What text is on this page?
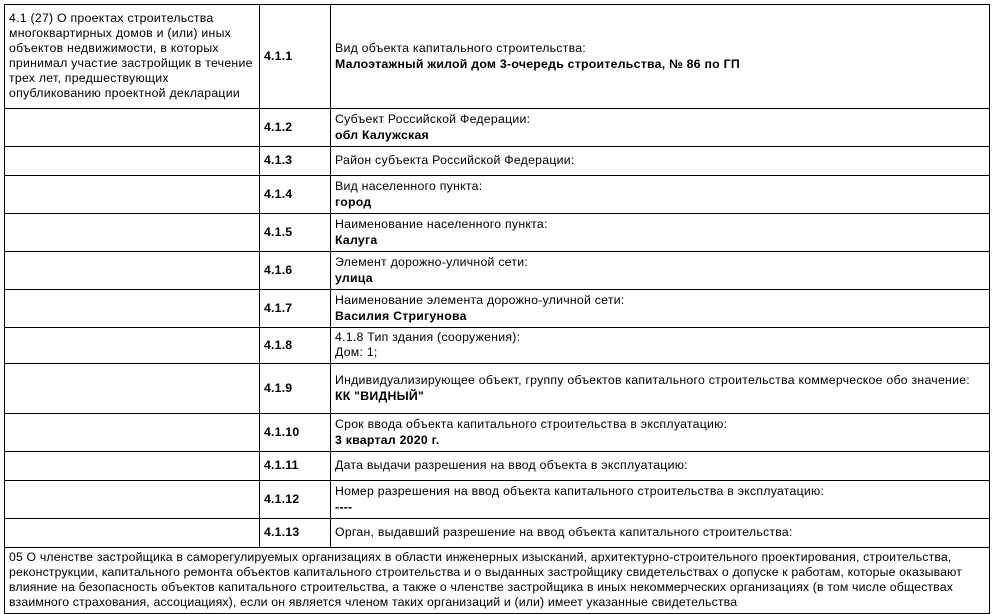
4.1 (27) О проектах строительства многоквартирных домов и (или) иных объектов недвижимости, в которых принимал участие застройщик в течение трех лет, предшествующих опубликованию проектной декларации	4.1.1	Вид объекта капитального строительства:
Малоэтажный жилой дом 3-очередь строительства, № 86 по ГП

	4.1.2	Субъект Российской Федерации:
обл Калужская

	4.1.3	Район субъекта Российской Федерации:
	4.1.4	Вид населенного пункта:
город

	4.1.5	Наименование населенного пункта:
Калуга

	4.1.6	Элемент дорожно-уличной сети:
улица

	4.1.7	Наименование элемента дорожно-уличной сети:
Василия Стригунова

	4.1.8	4.1.8 Тип здания (сооружения):
Дом: 1;

	4.1.9	Индивидуализирующее объект, группу объектов капитального строительства коммерческое обо значение:
КК "ВИДНЫЙ"

	4.1.10	Срок ввода объекта капитального строительства в эксплуатацию:
3 квартал 2020 г.

	4.1.11	Дата выдачи разрешения на ввод объекта в эксплуатацию:
	4.1.12	Номер разрешения на ввод объекта капитального строительства в эксплуатацию:
----

	4.1.13	Орган, выдавший разрешение на ввод объекта капитального строительства:
05 О членстве застройщика в саморегулируемых организациях в области инженерных изысканий, архитектурно-строительного проектирования, строительства, реконструкции, капитального ремонта объектов капитального строительства и о выданных застройщику свидетельствах о допуске к работам, которые оказывают влияние на безопасность объектов капитального строительства, а также о членстве застройщика в иных некоммерческих организациях (в том числе обществах взаимного страхования, ассоциациях), если он является членом таких организаций и (или) имеет указанные свидетельства		
